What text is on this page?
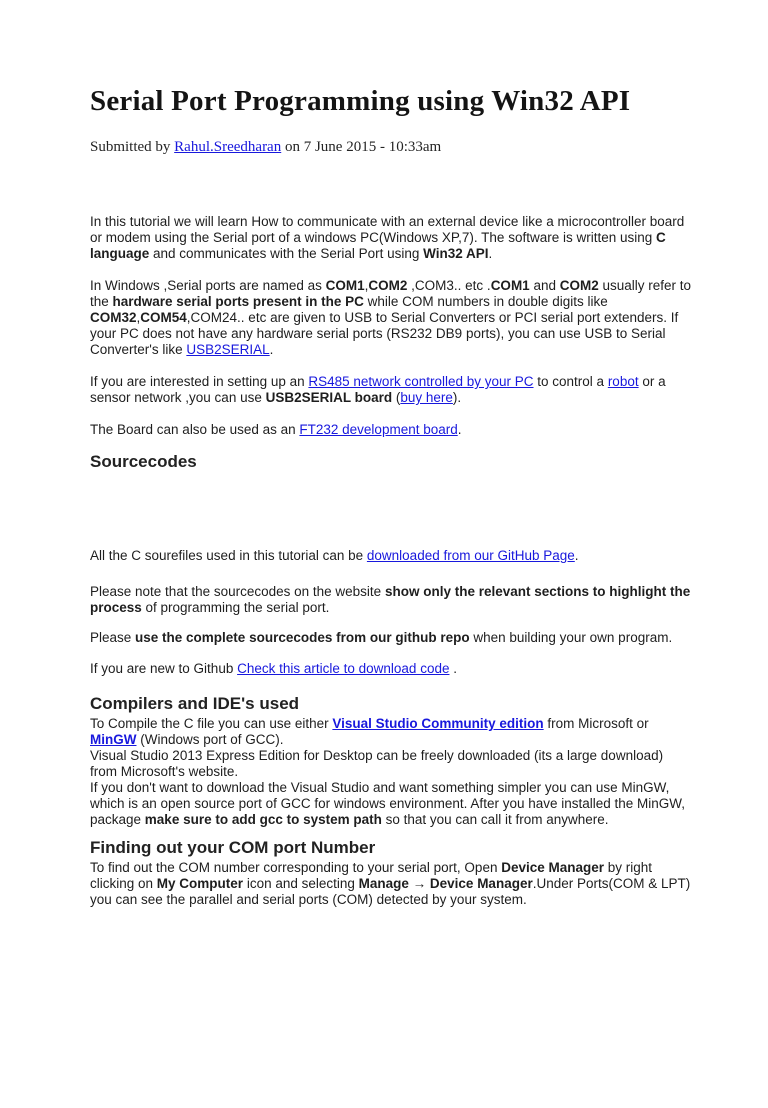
Serial Port Programming using Win32 API

Submitted by Rahul.Sreedharan on 7 June 2015 - 10:33am

In this tutorial we will learn How to communicate with an external device like a microcontroller board or modem using the Serial port of a windows PC(Windows XP,7). The software is written using C language and communicates with the Serial Port using Win32 API.

In Windows ,Serial ports are named as COM1,COM2 ,COM3.. etc .COM1 and COM2 usually refer to the hardware serial ports present in the PC while COM numbers in double digits like COM32,COM54,COM24.. etc are given to USB to Serial Converters or PCI serial port extenders. If your PC does not have any hardware serial ports (RS232 DB9 ports), you can use USB to Serial Converter's like USB2SERIAL.

If you are interested in setting up an RS485 network controlled by your PC to control a robot or a sensor network ,you can use USB2SERIAL board (buy here).

The Board can also be used as an FT232 development board.

Sourcecodes

All the C sourefiles used in this tutorial can be downloaded from our GitHub Page.

Please note that the sourcecodes on the website show only the relevant sections to highlight the process of programming the serial port.

Please use the complete sourcecodes from our github repo when building your own program.

If you are new to Github Check this article to download code .

Compilers and IDE's used

To Compile the C file you can use either Visual Studio Community edition from Microsoft or MinGW (Windows port of GCC).
Visual Studio 2013 Express Edition for Desktop can be freely downloaded (its a large download) from Microsoft's website.
If you don't want to download the Visual Studio and want something simpler you can use MinGW, which is an open source port of GCC for windows environment. After you have installed the MinGW, package make sure to add gcc to system path so that you can call it from anywhere.

Finding out your COM port Number

To find out the COM number corresponding to your serial port, Open Device Manager by right clicking on My Computer icon and selecting Manage → Device Manager.Under Ports(COM & LPT) you can see the parallel and serial ports (COM) detected by your system.
